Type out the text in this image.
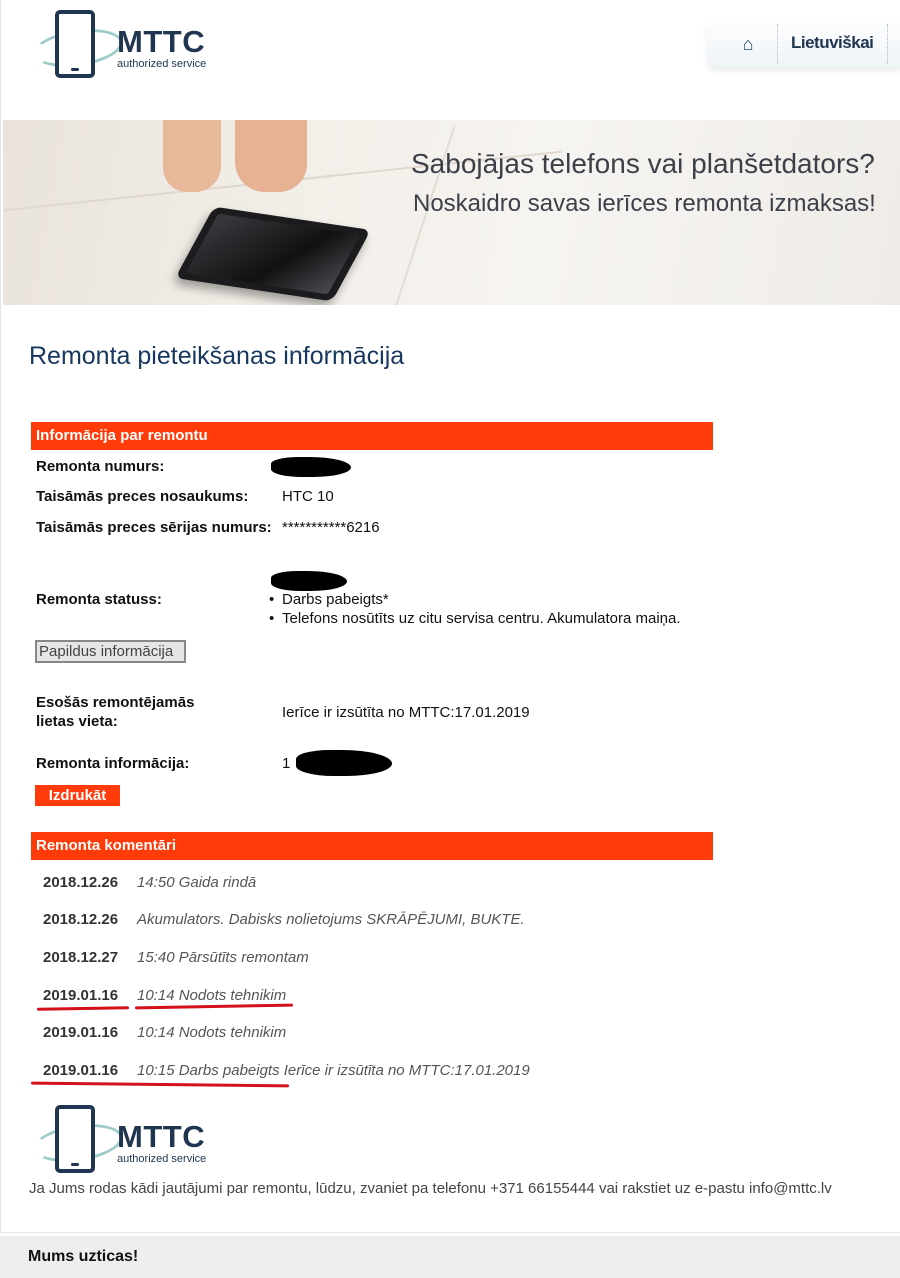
MTTC
authorized service
⌂	Lietuviškai
Sabojājas telefons vai planšetdators?
Noskaidro savas ierīces remonta izmaksas!
Remonta pieteikšanas informācija
Informācija par remontu
Remonta numurs:
Taisāmās preces nosaukums: HTC 10
Taisāmās preces sērijas numurs: ***********6216
Remonta statuss:
•	Darbs pabeigts*
• Telefons nosūtīts uz citu servisa centru. Akumulatora maiņa.
Papildus informācija
Esošās remontējamās
lietas vieta:
Ierīce ir izsūtīta no MTTC:17.01.2019
Remonta informācija:	1
Izdrukāt
Remonta komentāri
2018.12.26 14:50 Gaida rindā
2018.12.26 Akumulators. Dabisks nolietojums SKRĀPĒJUMI, BUKTE.
2018.12.27 15:40 Pārsūtīts remontam
2019.01.16 10:14 Nodots tehnikim
2019.01.16 10:14 Nodots tehnikim
2019.01.16 10:15 Darbs pabeigts Ierīce ir izsūtīta no MTTC:17.01.2019
MTTC
authorized service
Ja Jums rodas kādi jautājumi par remontu, lūdzu, zvaniet pa telefonu +371 66155444 vai rakstiet uz e-pastu info@mttc.lv
Mums uzticas!
